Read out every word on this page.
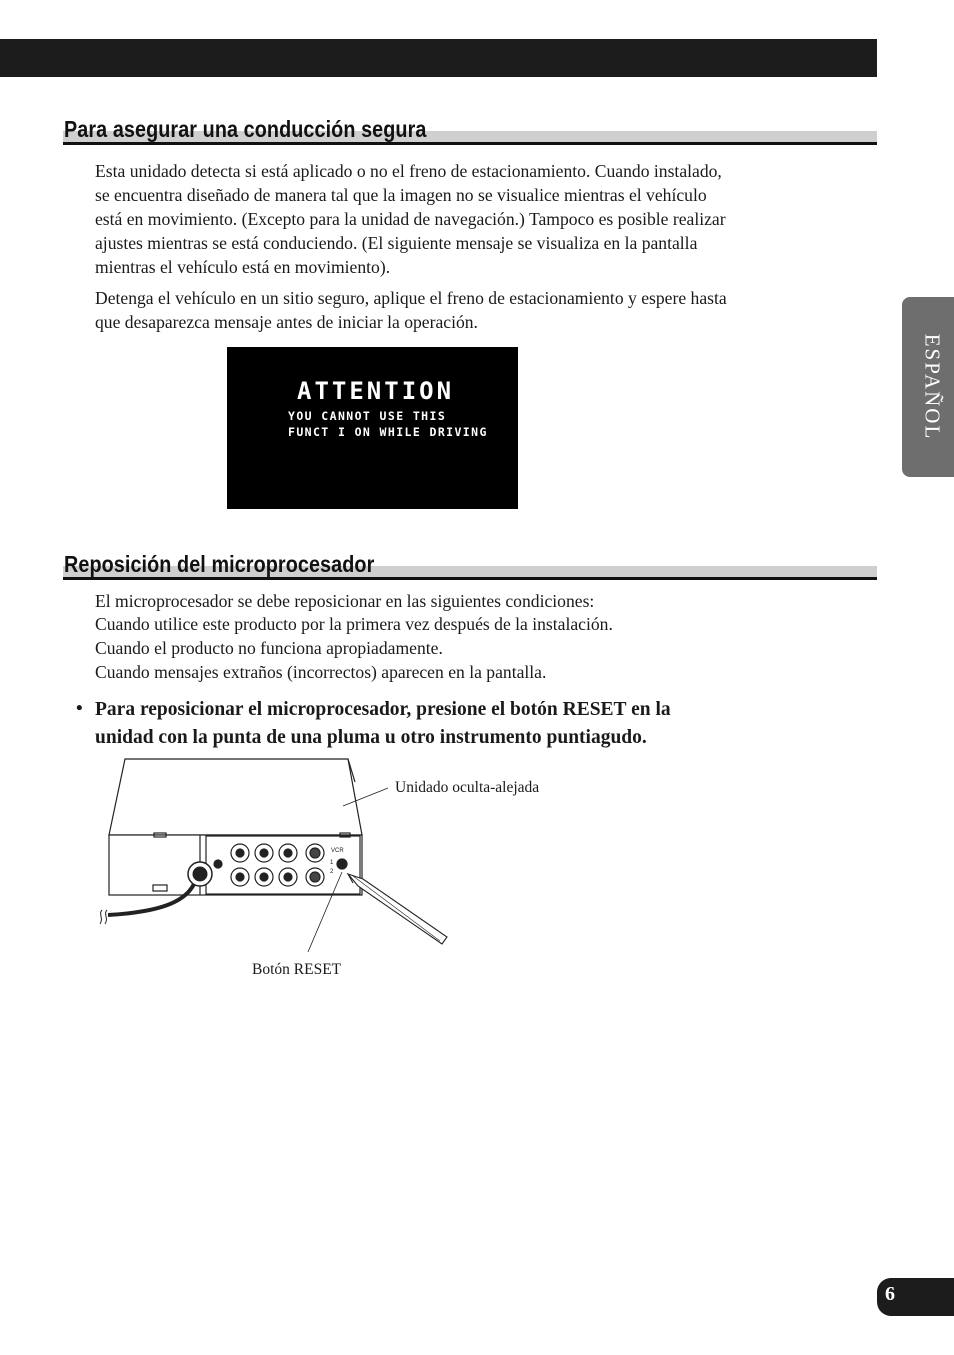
Para asegurar una conducción segura
Esta unidado detecta si está aplicado o no el freno de estacionamiento. Cuando instalado,
se encuentra diseñado de manera tal que la imagen no se visualice mientras el vehículo
está en movimiento. (Excepto para la unidad de navegación.) Tampoco es posible realizar
ajustes mientras se está conduciendo. (El siguiente mensaje se visualiza en la pantalla
mientras el vehículo está en movimiento).
Detenga el vehículo en un sitio seguro, aplique el freno de estacionamiento y espere hasta
que desaparezca mensaje antes de iniciar la operación.
ATTENTION
YOU CANNOT USE THIS
FUNCT I ON WHILE DRIVING
Reposición del microprocesador
El microprocesador se debe reposicionar en las siguientes condiciones:
Cuando utilice este producto por la primera vez después de la instalación.
Cuando el producto no funciona apropiadamente.
Cuando mensajes extraños (incorrectos) aparecen en la pantalla.
• Para reposicionar el microprocesador, presione el botón RESET en la
unidad con la punta de una pluma u otro instrumento puntiagudo.
VCR
1
2
Unidado oculta-alejada
Botón RESET
ESPAÑOL
6
